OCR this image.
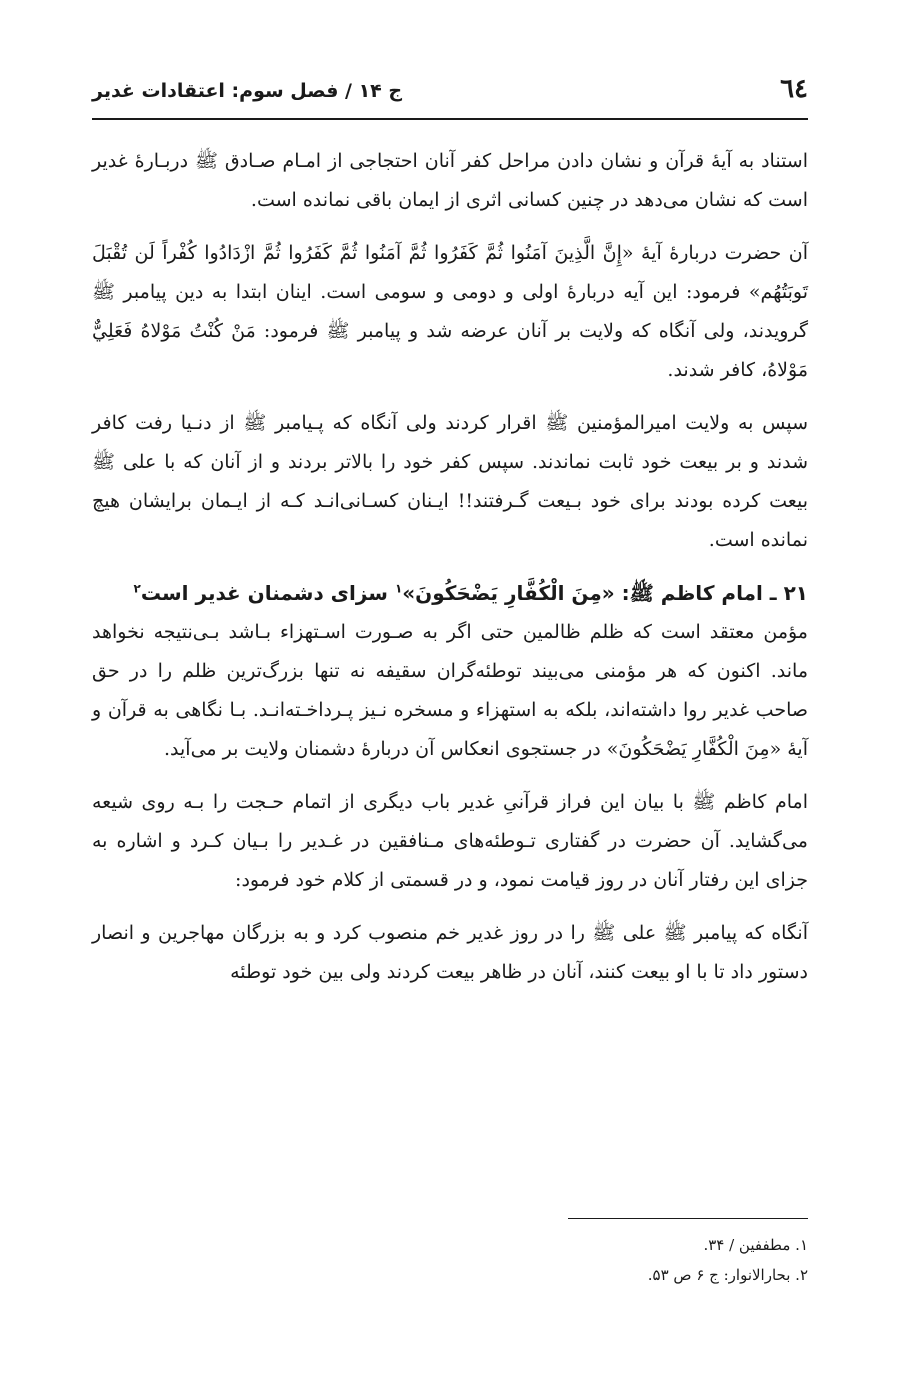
٦٤
ج ۱۴ / فصل سوم: اعتقادات غدیر

استناد به آيهٔ قرآن و نشان دادن مراحل كفر آنان احتجاجى از امـام صـادق ﷺ دربـارهٔ غدير است كه نشان مى‌دهد در چنين كسانى اثرى از ايمان باقى نمانده است.

آن حضرت دربارهٔ آيهٔ «إِنَّ الَّذِينَ آمَنُوا ثُمَّ كَفَرُوا ثُمَّ آمَنُوا ثُمَّ كَفَرُوا ثُمَّ ازْدَادُوا كُفْراً لَن تُقْبَلَ تَوبَتُهُم» فرمود: اين آيه دربارهٔ اولى و دومى و سومى است. اينان ابتدا به دين پيامبر ﷺ گرويدند، ولى آنگاه كه ولايت بر آنان عرضه شد و پيامبر ﷺ فرمود: مَنْ كُنْتُ مَوْلاهُ فَعَلِيٌّ مَوْلاهُ، كافر شدند.

سپس به ولايت اميرالمؤمنين ﷺ اقرار كردند ولى آنگاه كه پـيامبر ﷺ از دنـيا رفت كافر شدند و بر بيعت خود ثابت نماندند. سپس كفر خود را بالاتر بردند و از آنان كه با على ﷺ بيعت كرده بودند براى خود بـيعت گـرفتند!! ايـنان كسـانى‌انـد كـه از ايـمان برايشان هيچ نمانده است.

۲۱ ـ امام كاظم ﷺ: «مِنَ الْكُفَّارِ يَضْحَكُونَ»$^۱$ سزاى دشمنان غدير است$^۲$

مؤمن معتقد است كه ظلم ظالمين حتى اگر به صـورت اسـتهزاء بـاشد بـى‌نتيجه نخواهد ماند. اكنون كه هر مؤمنى مى‌بيند توطئه‌گران سقيفه نه تنها بزرگ‌ترين ظلم را در حق صاحب غدير روا داشته‌اند، بلكه به استهزاء و مسخره نـيز پـرداخـته‌انـد. بـا نگاهى به قرآن و آيهٔ «مِنَ الْكُفَّارِ يَضْحَكُونَ» در جستجوى انعكاس آن دربارهٔ دشمنان ولايت بر مى‌آيد.

امام كاظم ﷺ با بيان اين فراز قرآنىِ غدير باب ديگرى از اتمام حـجت را بـه روى شيعه مى‌گشايد. آن حضرت در گفتارى تـوطئه‌هاى مـنافقين در غـدير را بـيان كـرد و اشاره به جزاى اين رفتار آنان در روز قيامت نمود، و در قسمتى از كلام خود فرمود:

آنگاه كه پيامبر ﷺ على ﷺ را در روز غدير خم منصوب كرد و به بزرگان مهاجرين و انصار دستور داد تا با او بيعت كنند، آنان در ظاهر بيعت كردند ولى بين خود توطئه

۱. مطففين / ۳۴.

۲. بحارالانوار: ج ۶ ص ۵۳.
